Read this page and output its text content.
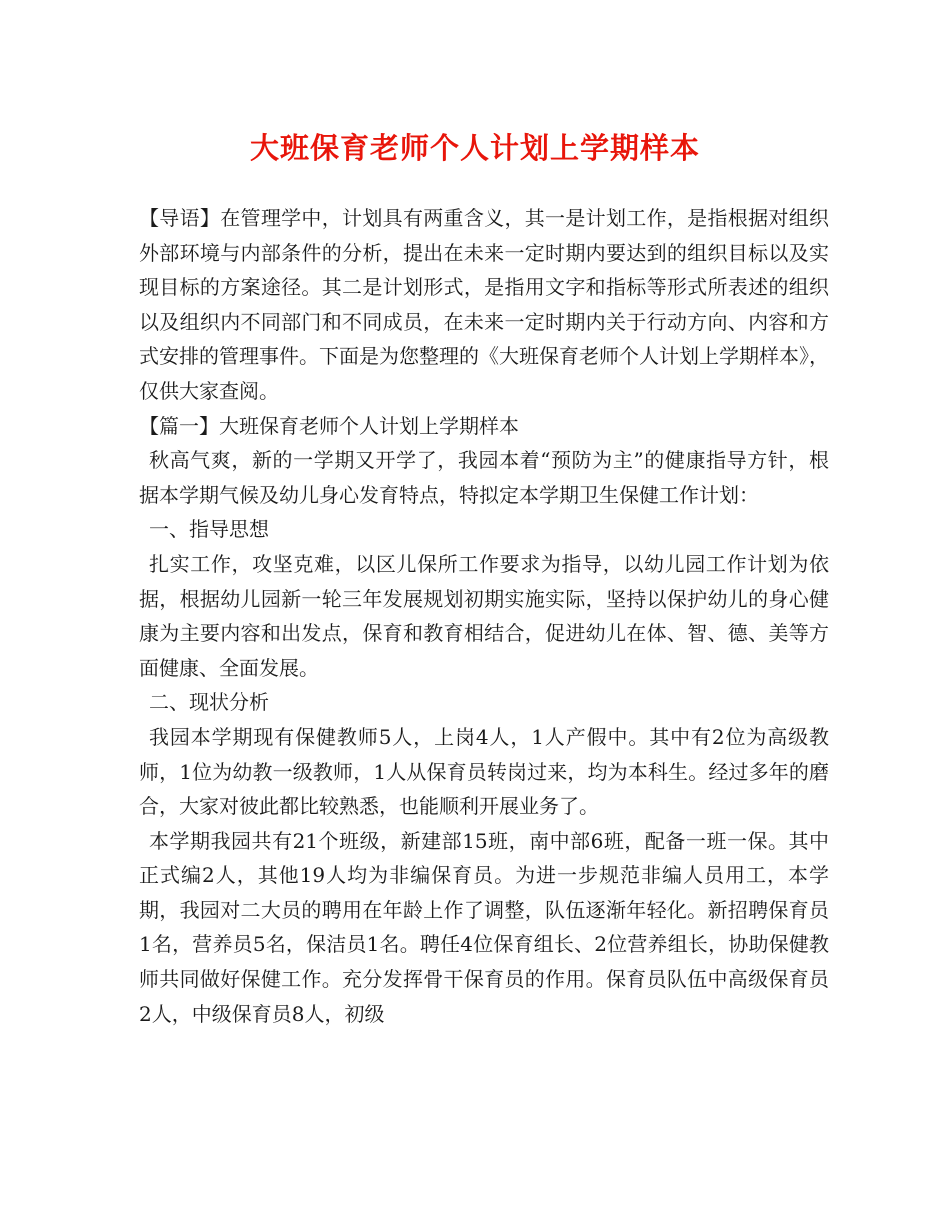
大班保育老师个人计划上学期样本

【导语】在管理学中，计划具有两重含义，其一是计划工作，是指根据对组织外部环境与内部条件的分析，提出在未来一定时期内要达到的组织目标以及实现目标的方案途径。其二是计划形式，是指用文字和指标等形式所表述的组织以及组织内不同部门和不同成员，在未来一定时期内关于行动方向、内容和方式安排的管理事件。下面是为您整理的《大班保育老师个人计划上学期样本》，仅供大家查阅。

【篇一】大班保育老师个人计划上学期样本

秋高气爽，新的一学期又开学了，我园本着“预防为主”的健康指导方针，根据本学期气候及幼儿身心发育特点，特拟定本学期卫生保健工作计划：

一、指导思想

扎实工作，攻坚克难，以区儿保所工作要求为指导，以幼儿园工作计划为依据，根据幼儿园新一轮三年发展规划初期实施实际，坚持以保护幼儿的身心健康为主要内容和出发点，保育和教育相结合，促进幼儿在体、智、德、美等方面健康、全面发展。

二、现状分析

我园本学期现有保健教师5人，上岗4人，1人产假中。其中有2位为高级教师，1位为幼教一级教师，1人从保育员转岗过来，均为本科生。经过多年的磨合，大家对彼此都比较熟悉，也能顺利开展业务了。

本学期我园共有21个班级，新建部15班，南中部6班，配备一班一保。其中正式编2人，其他19人均为非编保育员。为进一步规范非编人员用工，本学期，我园对二大员的聘用在年龄上作了调整，队伍逐渐年轻化。新招聘保育员1名，营养员5名，保洁员1名。聘任4位保育组长、2位营养组长，协助保健教师共同做好保健工作。充分发挥骨干保育员的作用。保育员队伍中高级保育员2人，中级保育员8人，初级
